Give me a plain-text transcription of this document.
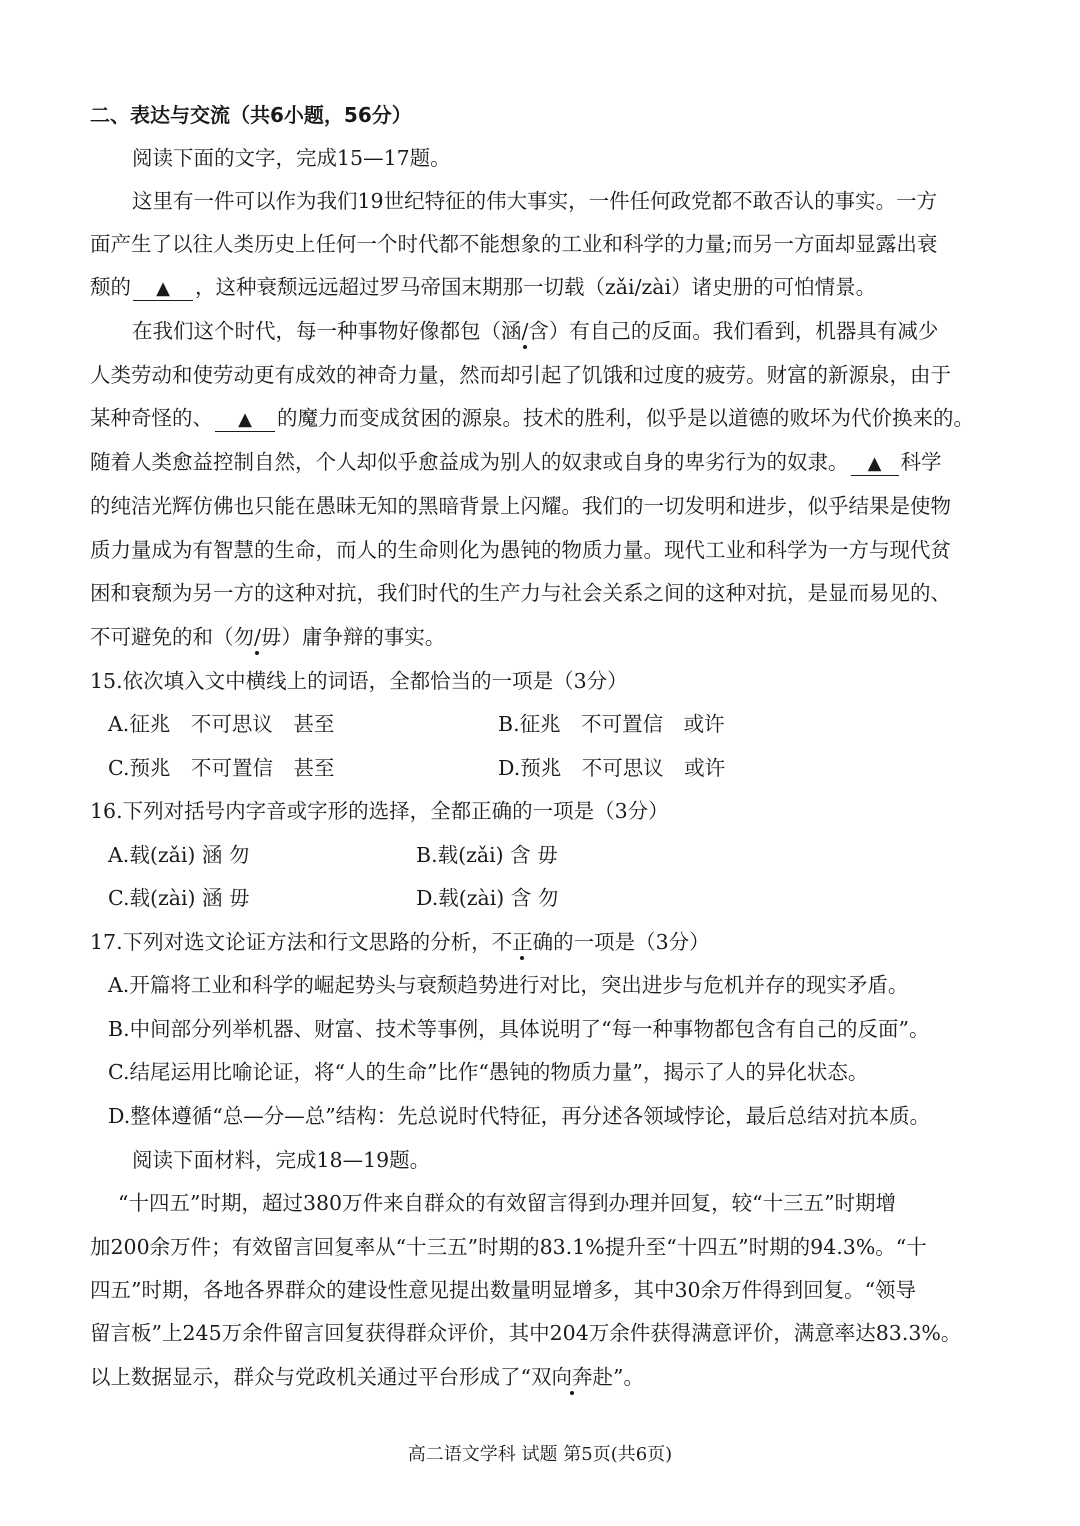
二、表达与交流（共6小题，56分）
阅读下面的文字，完成15—17题。
这里有一件可以作为我们19世纪特征的伟大事实，一件任何政党都不敢否认的事实。一方
面产生了以往人类历史上任何一个时代都不能想象的工业和科学的力量;而另一方面却显露出衰
颓的 ▲ ，这种衰颓远远超过罗马帝国末期那一切载（zǎi/zài）诸史册的可怕情景。
在我们这个时代，每一种事物好像都包（涵/含）有自己的反面。我们看到，机器具有减少
人类劳动和使劳动更有成效的神奇力量，然而却引起了饥饿和过度的疲劳。财富的新源泉，由于
某种奇怪的、 ▲ 的魔力而变成贫困的源泉。技术的胜利，似乎是以道德的败坏为代价换来的。
随着人类愈益控制自然，个人却似乎愈益成为别人的奴隶或自身的卑劣行为的奴隶。 ▲ 科学
的纯洁光辉仿佛也只能在愚昧无知的黑暗背景上闪耀。我们的一切发明和进步，似乎结果是使物
质力量成为有智慧的生命，而人的生命则化为愚钝的物质力量。现代工业和科学为一方与现代贫
困和衰颓为另一方的这种对抗，我们时代的生产力与社会关系之间的这种对抗，是显而易见的、
不可避免的和（勿/毋）庸争辩的事实。
15.依次填入文中横线上的词语，全都恰当的一项是（3分）
A.征兆　不可思议　甚至	B.征兆　不可置信　或许
C.预兆　不可置信　甚至	D.预兆　不可思议　或许
16.下列对括号内字音或字形的选择，全都正确的一项是（3分）
A.载(zǎi) 涵 勿	B.载(zǎi) 含 毋
C.载(zài) 涵 毋	D.载(zài) 含 勿
17.下列对选文论证方法和行文思路的分析，不正确的一项是（3分）
A.开篇将工业和科学的崛起势头与衰颓趋势进行对比，突出进步与危机并存的现实矛盾。
B.中间部分列举机器、财富、技术等事例，具体说明了“每一种事物都包含有自己的反面”。
C.结尾运用比喻论证，将“人的生命”比作“愚钝的物质力量”，揭示了人的异化状态。
D.整体遵循“总—分—总”结构：先总说时代特征，再分述各领域悖论，最后总结对抗本质。
阅读下面材料，完成18—19题。
“十四五”时期，超过380万件来自群众的有效留言得到办理并回复，较“十三五”时期增
加200余万件；有效留言回复率从“十三五”时期的83.1%提升至“十四五”时期的94.3%。“十
四五”时期，各地各界群众的建设性意见提出数量明显增多，其中30余万件得到回复。“领导
留言板”上245万余件留言回复获得群众评价，其中204万余件获得满意评价，满意率达83.3%。
以上数据显示，群众与党政机关通过平台形成了“双向奔赴”。
高二语文学科 试题 第5页(共6页)
